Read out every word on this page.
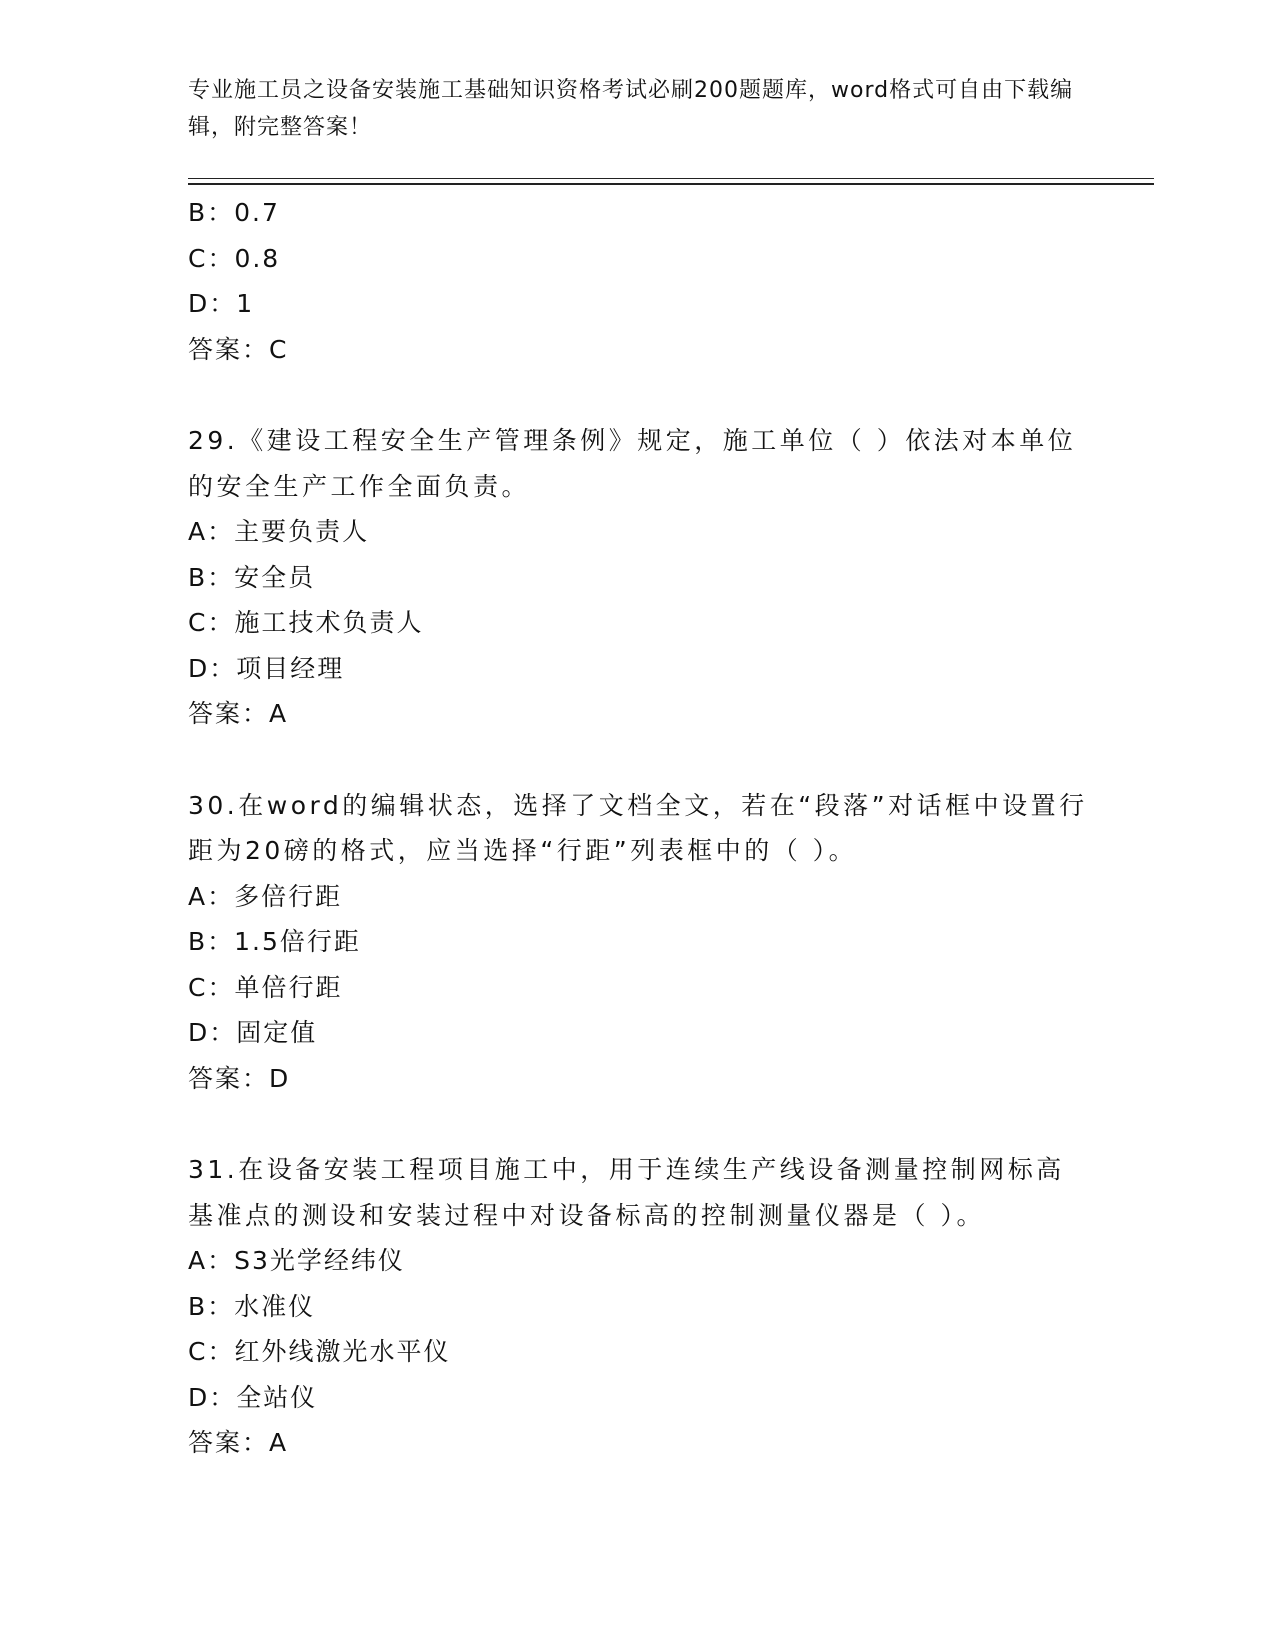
专业施工员之设备安装施工基础知识资格考试必刷200题题库，word格式可自由下载编辑，附完整答案！
B：0.7
C：0.8
D：1
答案：C
29.《建设工程安全生产管理条例》规定，施工单位（ ）依法对本单位的安全生产工作全面负责。
A：主要负责人
B：安全员
C：施工技术负责人
D：项目经理
答案：A
30.在word的编辑状态，选择了文档全文，若在“段落”对话框中设置行距为20磅的格式，应当选择“行距”列表框中的（ ）。
A：多倍行距
B：1.5倍行距
C：单倍行距
D：固定值
答案：D
31.在设备安装工程项目施工中，用于连续生产线设备测量控制网标高基准点的测设和安装过程中对设备标高的控制测量仪器是（ ）。
A：S3光学经纬仪
B：水准仪
C：红外线激光水平仪
D：全站仪
答案：A
